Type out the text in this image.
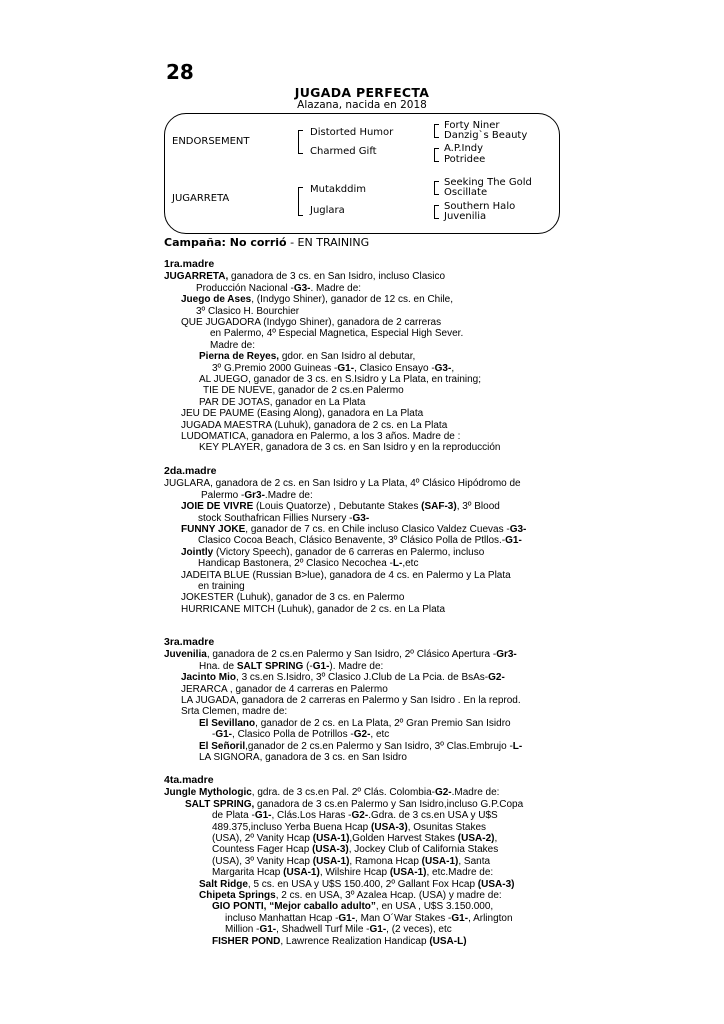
28
JUGADA PERFECTA
Alazana, nacida en 2018
ENDORSEMENT
JUGARRETA
Distorted Humor
Charmed Gift
Mutakddim
Juglara
Forty Niner
Danzig`s Beauty
A.P.Indy
Potridee
Seeking The Gold
Oscillate
Southern Halo
Juvenilia
Campaña: No corrió - EN TRAINING
1ra.madre
JUGARRETA, ganadora de 3 cs. en San Isidro, incluso Clasico
Producción Nacional -G3-. Madre de:
Juego de Ases, (Indygo Shiner), ganador de 12 cs. en Chile,
3º Clasico H. Bourchier
QUE JUGADORA (Indygo Shiner), ganadora de 2 carreras
en Palermo, 4º Especial Magnetica, Especial High Sever.
Madre de:
Pierna de Reyes, gdor. en San Isidro al debutar,
3º G.Premio 2000 Guineas -G1-, Clasico Ensayo -G3-,
AL JUEGO, ganador de 3 cs. en S.Isidro y La Plata, en training;
TIE DE NUEVE, ganador de 2 cs.en Palermo
PAR DE JOTAS, ganador en La Plata
JEU DE PAUME (Easing Along), ganadora en La Plata
JUGADA MAESTRA (Luhuk), ganadora de 2 cs. en La Plata
LUDOMATICA, ganadora en Palermo, a los 3 años. Madre de :
KEY PLAYER, ganadora de 3 cs. en San Isidro y en la reproducción
2da.madre
JUGLARA, ganadora de 2 cs. en San Isidro y La Plata, 4º Clásico Hipódromo de
Palermo -Gr3-.Madre de:
JOIE DE VIVRE (Louis Quatorze) , Debutante Stakes (SAF-3), 3º Blood
stock Southafrican Fillies Nursery -G3-
FUNNY JOKE, ganador de 7 cs. en Chile incluso Clasico Valdez Cuevas -G3-
Clasico Cocoa Beach, Clásico Benavente, 3º Clásico Polla de Ptllos.-G1-
Jointly (Victory Speech), ganador de 6 carreras en Palermo, incluso
Handicap Bastonera, 2º Clasico Necochea -L-,etc
JADEITA BLUE (Russian B>lue), ganadora de 4 cs. en Palermo y La Plata
en training
JOKESTER (Luhuk), ganador de 3 cs. en Palermo
HURRICANE MITCH (Luhuk), ganador de 2 cs. en La Plata
3ra.madre
Juvenilia, ganadora de 2 cs.en Palermo y San Isidro, 2º Clásico Apertura -Gr3-
Hna. de SALT SPRING (-G1-). Madre de:
Jacinto Mio, 3 cs.en S.Isidro, 3º Clasico J.Club de La Pcia. de BsAs-G2-
JERARCA , ganador de 4 carreras en Palermo
LA JUGADA, ganadora de 2 carreras en Palermo y San Isidro . En la reprod.
Srta Clemen, madre de:
El Sevillano, ganador de 2 cs. en La Plata, 2º Gran Premio San Isidro
-G1-, Clasico Polla de Potrillos -G2-, etc
El Señoril,ganador de 2 cs.en Palermo y San Isidro, 3º Clas.Embrujo -L-
LA SIGNORA, ganadora de 3 cs. en San Isidro
4ta.madre
Jungle Mythologic, gdra. de 3 cs.en Pal. 2º Clás. Colombia-G2-.Madre de:
SALT SPRING, ganadora de 3 cs.en Palermo y San Isidro,incluso G.P.Copa
de Plata -G1-, Clás.Los Haras -G2-.Gdra. de 3 cs.en USA y U$S
489.375,incluso Yerba Buena Hcap (USA-3), Osunitas Stakes
(USA), 2º Vanity Hcap (USA-1),Golden Harvest Stakes (USA-2),
Countess Fager Hcap (USA-3), Jockey Club of California Stakes
(USA), 3º Vanity Hcap (USA-1), Ramona Hcap (USA-1), Santa
Margarita Hcap (USA-1), Wilshire Hcap (USA-1), etc.Madre de:
Salt Ridge, 5 cs. en USA y U$S 150.400, 2º Gallant Fox Hcap (USA-3)
Chipeta Springs, 2 cs. en USA, 3º Azalea Hcap. (USA) y madre de:
GIO PONTI, “Mejor caballo adulto”, en USA , U$S 3.150.000,
incluso Manhattan Hcap -G1-, Man O´War Stakes -G1-, Arlington
Million -G1-, Shadwell Turf Mile -G1-, (2 veces), etc
FISHER POND, Lawrence Realization Handicap (USA-L)
